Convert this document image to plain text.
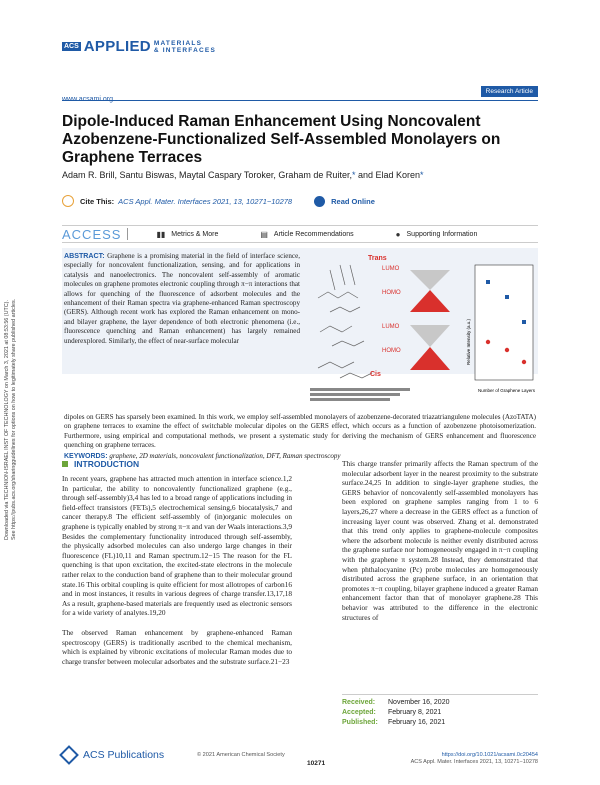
Downloaded via TECHNION-ISRAEL INST OF TECHNOLOGY on March 3, 2021 at 08:53:56 (UTC). See https://pubs.acs.org/sharingguidelines for options on how to legitimately share published articles.
ACS APPLIED MATERIALS
& INTERFACES
Research Article
Dipole-Induced Raman Enhancement Using Noncovalent Azobenzene-Functionalized Self-Assembled Monolayers on Graphene Terraces
Adam R. Brill, Santu Biswas, Maytal Caspary Toroker, Graham de Ruiter,* and Elad Koren*
Cite This: ACS Appl. Mater. Interfaces 2021, 13, 10271−10278	Read Online
ACCESS	▮▮ Metrics & More	▤ Article Recommendations	● Supporting Information
ABSTRACT: Graphene is a promising material in the field of interface science, especially for noncovalent functionalization, sensing, and for applications in catalysis and nanoelectronics. The noncovalent self-assembly of aromatic molecules on graphene promotes electronic coupling through π−π interactions that allows for quenching of the fluorescence of adsorbent molecules and the enhancement of their Raman spectra via graphene-enhanced Raman spectroscopy (GERS). Although recent work has explored the Raman enhancement on mono- and bilayer graphene, the layer dependence of both electronic phenomena (i.e., fluorescence quenching and Raman enhancement) has largely remained underexplored. Similarly, the effect of near-surface molecular
LUMO
HOMO
LUMO
HOMO
Trans
Cis
Number of Graphene Layers
Relative Intensity (a.u.)
dipoles on GERS has sparsely been examined. In this work, we employ self-assembled monolayers of azobenzene-decorated triazatriangulene molecules (AzoTATA) on graphene terraces to examine the effect of switchable molecular dipoles on the GERS effect, which occurs as a function of azobenzene photoisomerization. Furthermore, using empirical and computational methods, we present a systematic study for deriving the mechanism of GERS enhancement and fluorescence quenching on graphene terraces.
KEYWORDS: graphene, 2D materials, noncovalent functionalization, DFT, Raman spectroscopy
INTRODUCTION

In recent years, graphene has attracted much attention in interface science.1,2 In particular, the ability to noncovalently functionalized graphene (e.g., through self-assembly)3,4 has led to a broad range of applications including in field-effect transistors (FETs),5 electrochemical sensing,6 biocatalysis,7 and cancer therapy.8 The efficient self-assembly of (in)organic molecules on graphene is typically enabled by strong π−π and van der Waals interactions.3,9 Besides the complementary functionality introduced through self-assembly, the physically adsorbed molecules can also undergo large changes in their fluorescence (FL)10,11 and Raman spectrum.12−15 The reason for the FL quenching is that upon excitation, the excited-state electrons in the molecule rather relax to the conduction band of graphene than to their molecular ground state.16 This orbital coupling is quite efficient for most allotropes of carbon16 and in most instances, it results in various degrees of charge transfer.13,17,18 As a result, graphene-based materials are frequently used as electronic sensors for a wide variety of analytes.19,20

The observed Raman enhancement by graphene-enhanced Raman spectroscopy (GERS) is traditionally ascribed to the chemical mechanism, which is explained by vibronic excitations of molecular Raman modes due to charge transfer between molecular adsorbates and the substrate surface.21−23

This charge transfer primarily affects the Raman spectrum of the molecular adsorbent layer in the nearest proximity to the substrate surface.24,25 In addition to single-layer graphene studies, the GERS behavior of noncovalently self-assembled monolayers has been explored on graphene samples ranging from 1 to 6 layers,26,27 where a decrease in the GERS effect as a function of increasing layer count was observed. Zhang et al. demonstrated that this trend only applies to graphene-molecule composites where the adsorbent molecule is neither evenly distributed across the graphene surface nor homogeneously engaged in π−π coupling with the graphene π system.28 Instead, they demonstrated that when phthalocyanine (Pc) probe molecules are homogeneously distributed across the graphene surface, in an orientation that promotes π−π coupling, bilayer graphene induced a greater Raman enhancement factor than that of monolayer graphene.28 This behavior was attributed to the difference in the electronic structures of
Received:	November 16, 2020
Accepted:	February 8, 2021
Published:	February 16, 2021
ACS Publications	© 2021 American Chemical Society
10271
https://doi.org/10.1021/acsami.0c20454
ACS Appl. Mater. Interfaces 2021, 13, 10271−10278
